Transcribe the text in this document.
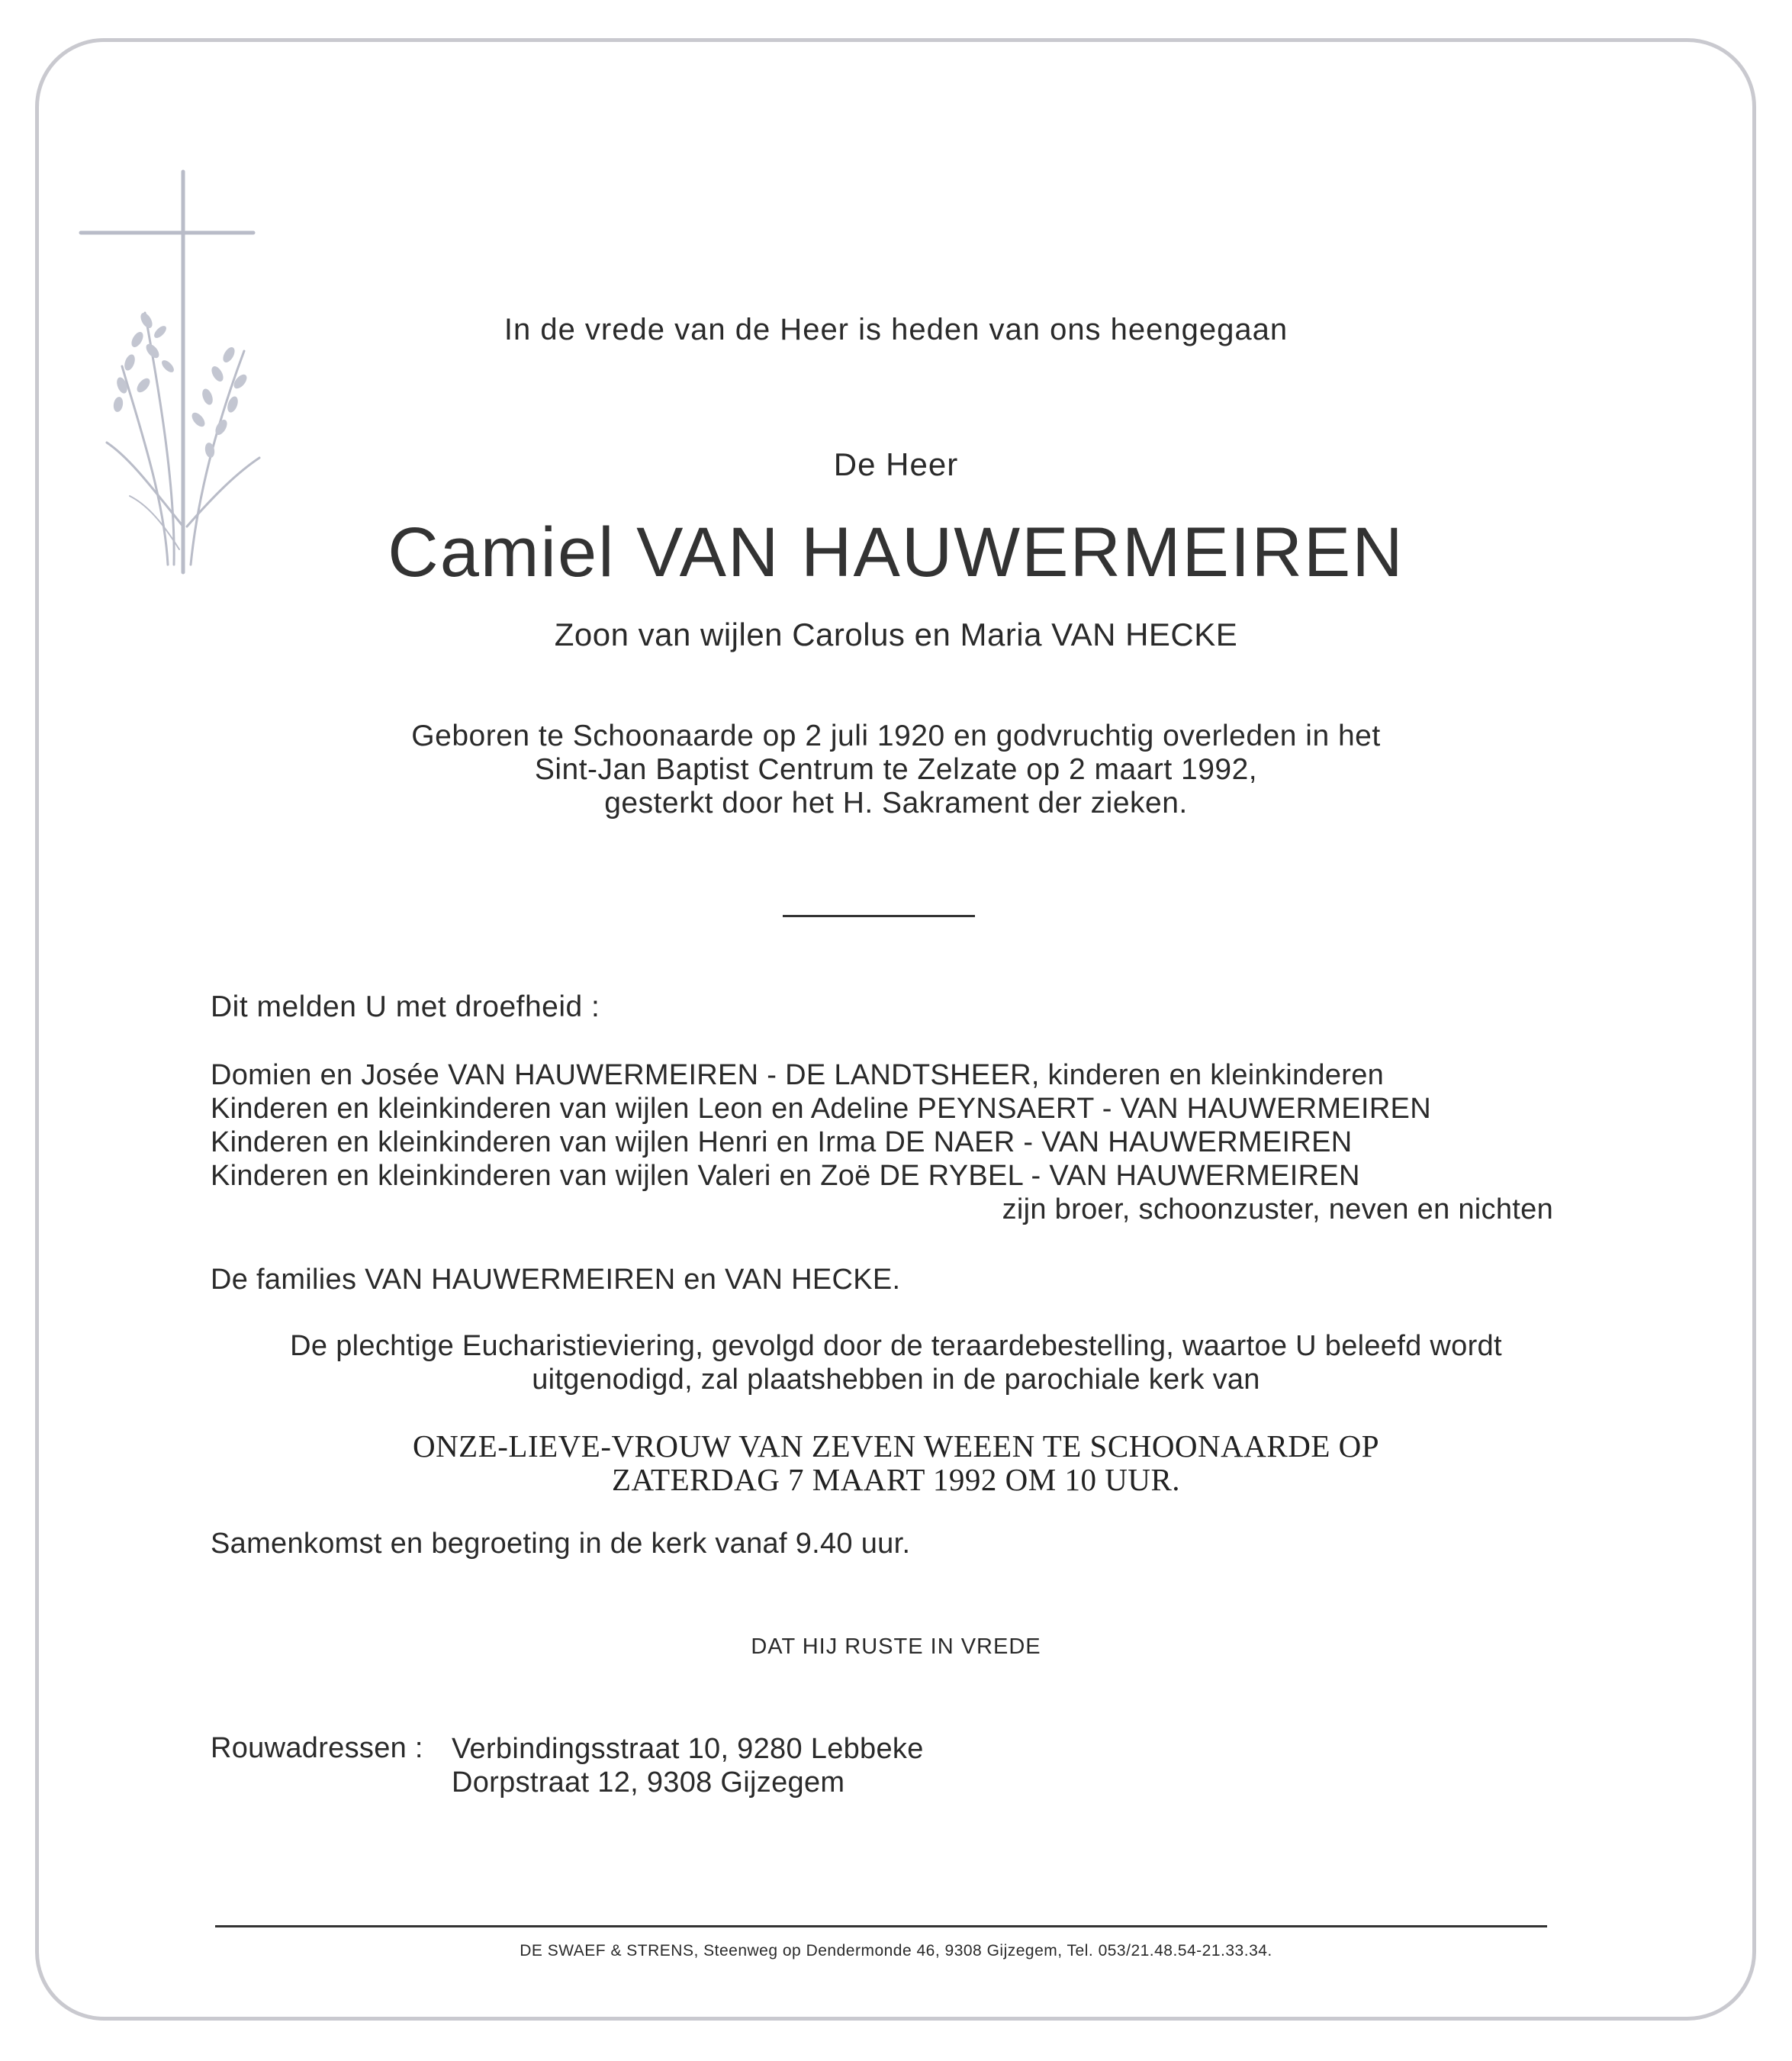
In de vrede van de Heer is heden van ons heengegaan
De Heer
Camiel VAN HAUWERMEIREN
Zoon van wijlen Carolus en Maria VAN HECKE
Geboren te Schoonaarde op 2 juli 1920 en godvruchtig overleden in het
Sint-Jan Baptist Centrum te Zelzate op 2 maart 1992,
gesterkt door het H. Sakrament der zieken.
Dit melden U met droefheid :
Domien en Josée VAN HAUWERMEIREN - DE LANDTSHEER, kinderen en kleinkinderen
Kinderen en kleinkinderen van wijlen Leon en Adeline PEYNSAERT - VAN HAUWERMEIREN
Kinderen en kleinkinderen van wijlen Henri en Irma DE NAER - VAN HAUWERMEIREN
Kinderen en kleinkinderen van wijlen Valeri en Zoë DE RYBEL - VAN HAUWERMEIREN
zijn broer, schoonzuster, neven en nichten
De families VAN HAUWERMEIREN en VAN HECKE.
De plechtige Eucharistieviering, gevolgd door de teraardebestelling, waartoe U beleefd wordt
uitgenodigd, zal plaatshebben in de parochiale kerk van
ONZE-LIEVE-VROUW VAN ZEVEN WEEEN TE SCHOONAARDE OP
ZATERDAG 7 MAART 1992 OM 10 UUR.
Samenkomst en begroeting in de kerk vanaf 9.40 uur.
DAT HIJ RUSTE IN VREDE
Rouwadressen : Verbindingsstraat 10, 9280 Lebbeke
Dorpstraat 12, 9308 Gijzegem
DE SWAEF & STRENS, Steenweg op Dendermonde 46, 9308 Gijzegem, Tel. 053/21.48.54-21.33.34.
